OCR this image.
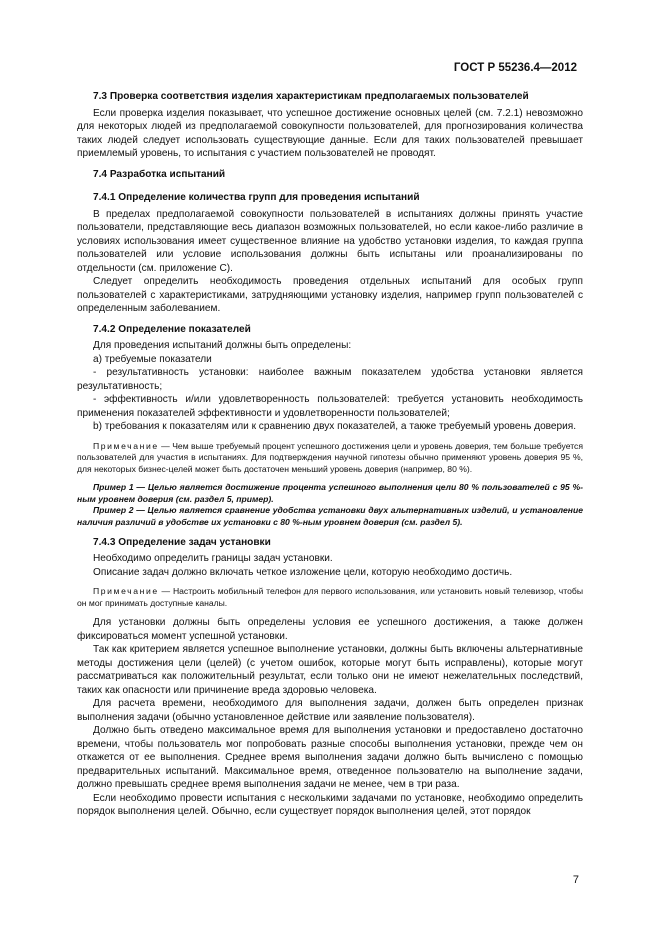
ГОСТ Р 55236.4—2012

7.3 Проверка соответствия изделия характеристикам предполагаемых пользователей

Если проверка изделия показывает, что успешное достижение основных целей (см. 7.2.1) невозможно для некоторых людей из предполагаемой совокупности пользователей, для прогнозирования количества таких людей следует использовать существующие данные. Если для таких пользователей превышает приемлемый уровень, то испытания с участием пользователей не проводят.

7.4 Разработка испытаний

7.4.1 Определение количества групп для проведения испытаний

В пределах предполагаемой совокупности пользователей в испытаниях должны принять участие пользователи, представляющие весь диапазон возможных пользователей, но если какое-либо различие в условиях использования имеет существенное влияние на удобство установки изделия, то каждая группа пользователей или условие использования должны быть испытаны или проанализированы по отдельности (см. приложение С).

Следует определить необходимость проведения отдельных испытаний для особых групп пользователей с характеристиками, затрудняющими установку изделия, например групп пользователей с определенным заболеванием.

7.4.2 Определение показателей

Для проведения испытаний должны быть определены:

а) требуемые показатели

- результативность установки: наиболее важным показателем удобства установки является результативность;

- эффективность и/или удовлетворенность пользователей: требуется установить необходимость применения показателей эффективности и удовлетворенности пользователей;

b) требования к показателям или к сравнению двух показателей, а также требуемый уровень доверия.

Примечание — Чем выше требуемый процент успешного достижения цели и уровень доверия, тем больше требуется пользователей для участия в испытаниях. Для подтверждения научной гипотезы обычно применяют уровень доверия 95 %, для некоторых бизнес-целей может быть достаточен меньший уровень доверия (например, 80 %).

Пример 1 — Целью является достижение процента успешного выполнения цели 80 % пользователей с 95 %-ным уровнем доверия (см. раздел 5, пример).

Пример 2 — Целью является сравнение удобства установки двух альтернативных изделий, и установление наличия различий в удобстве их установки с 80 %-ным уровнем доверия (см. раздел 5).

7.4.3 Определение задач установки

Необходимо определить границы задач установки.

Описание задач должно включать четкое изложение цели, которую необходимо достичь.

Примечание — Настроить мобильный телефон для первого использования, или установить новый телевизор, чтобы он мог принимать доступные каналы.

Для установки должны быть определены условия ее успешного достижения, а также должен фиксироваться момент успешной установки.

Так как критерием является успешное выполнение установки, должны быть включены альтернативные методы достижения цели (целей) (с учетом ошибок, которые могут быть исправлены), которые могут рассматриваться как положительный результат, если только они не имеют нежелательных последствий, таких как опасности или причинение вреда здоровью человека.

Для расчета времени, необходимого для выполнения задачи, должен быть определен признак выполнения задачи (обычно установленное действие или заявление пользователя).

Должно быть отведено максимальное время для выполнения установки и предоставлено достаточно времени, чтобы пользователь мог попробовать разные способы выполнения установки, прежде чем он откажется от ее выполнения. Среднее время выполнения задачи должно быть вычислено с помощью предварительных испытаний. Максимальное время, отведенное пользователю на выполнение задачи, должно превышать среднее время выполнения задачи не менее, чем в три раза.

Если необходимо провести испытания с несколькими задачами по установке, необходимо определить порядок выполнения целей. Обычно, если существует порядок выполнения целей, этот порядок

7
